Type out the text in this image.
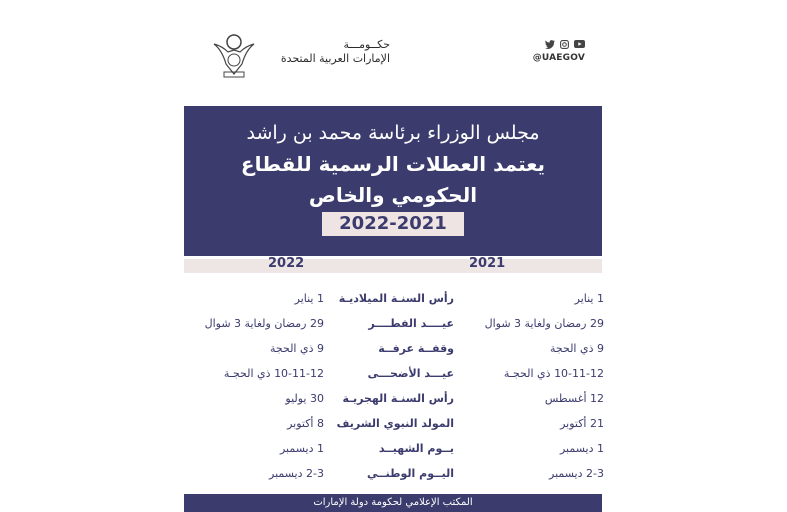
حكــومـــة
الإمارات العربية المتحدة	@UAEGOV
مجلس الوزراء برئاسة محمد بن راشد
يعتمد العطلات الرسمية للقطاع
الحكومي والخاص
2022-2021
2022	2021
1 يناير
رأس السنـة الميلاديـة
1 يناير
29 رمضان ولغاية 3 شوال
عيــــد الفطــــر
29 رمضان ولغاية 3 شوال
9 ذي الحجة
وقفــة عرفــة
9 ذي الحجة
10-11-12 ذي الحجـة
عيـــد الأضحـــى
10-11-12 ذي الحجـة
12 أغسطس
رأس السنـة الهجريـة
30 يوليو
21 أكتوبر
المولد النبوي الشريف
8 أكتوبر
1 ديسمبر
يــوم الشهيــد
1 ديسمبر
2-3 ديسمبر
اليــوم الوطنــي
2-3 ديسمبر
المكتب الإعلامي لحكومة دولة الإمارات
